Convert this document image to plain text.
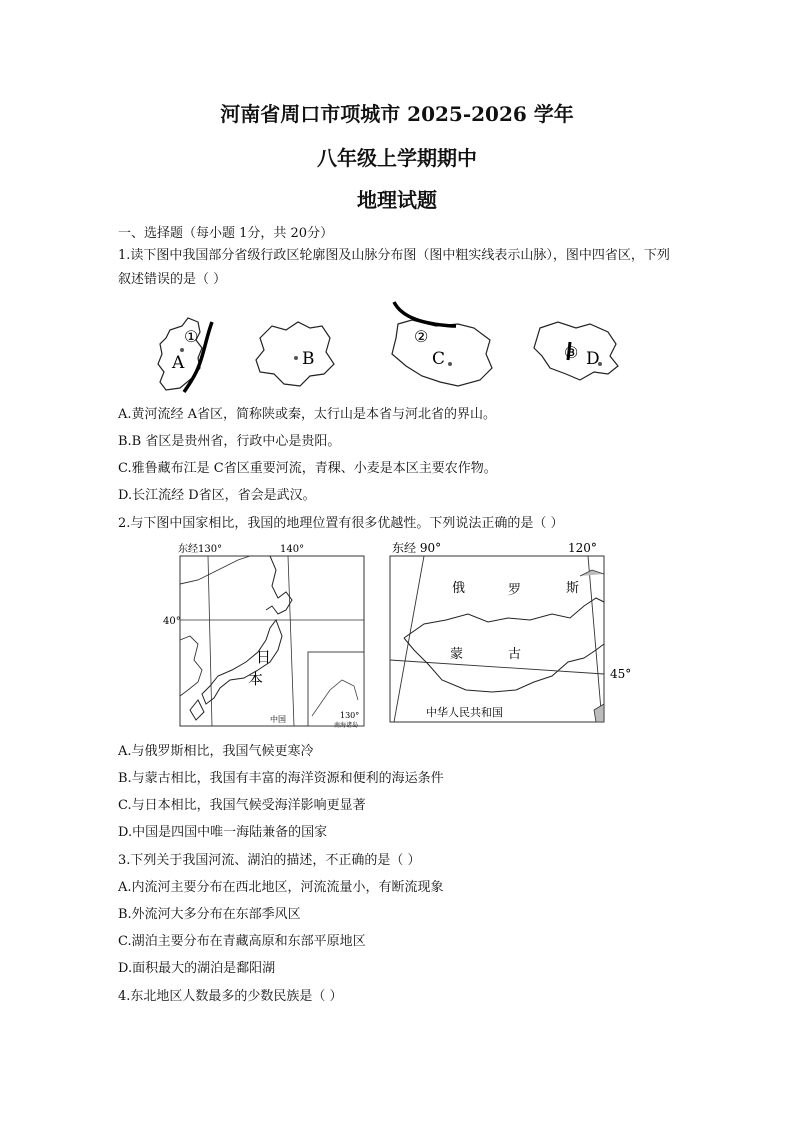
河南省周口市项城市 2025-2026 学年
八年级上学期期中
地理试题
一、选择题（每小题 1分，共 20分）
1.读下图中我国部分省级行政区轮廓图及山脉分布图（图中粗实线表示山脉），图中四省区，下列叙述错误的是（ ）
①
A	B
②
C	③ D
A.黄河流经 A省区，简称陕或秦，太行山是本省与河北省的界山。
B.B 省区是贵州省，行政中心是贵阳。
C.雅鲁藏布江是 C省区重要河流，青稞、小麦是本区主要农作物。
D.长江流经 D省区，省会是武汉。
2.与下图中国家相比，我国的地理位置有很多优越性。下列说法正确的是（ ）
东经130°	140°
40°
日
本
中国	130°
南海诸岛
东经 90°	120°
俄	罗	斯
蒙	古
45°
中华人民共和国
A.与俄罗斯相比，我国气候更寒冷
B.与蒙古相比，我国有丰富的海洋资源和便利的海运条件
C.与日本相比，我国气候受海洋影响更显著
D.中国是四国中唯一海陆兼备的国家
3.下列关于我国河流、湖泊的描述，不正确的是（ ）
A.内流河主要分布在西北地区，河流流量小，有断流现象
B.外流河大多分布在东部季风区
C.湖泊主要分布在青藏高原和东部平原地区
D.面积最大的湖泊是鄱阳湖
4.东北地区人数最多的少数民族是（ ）
